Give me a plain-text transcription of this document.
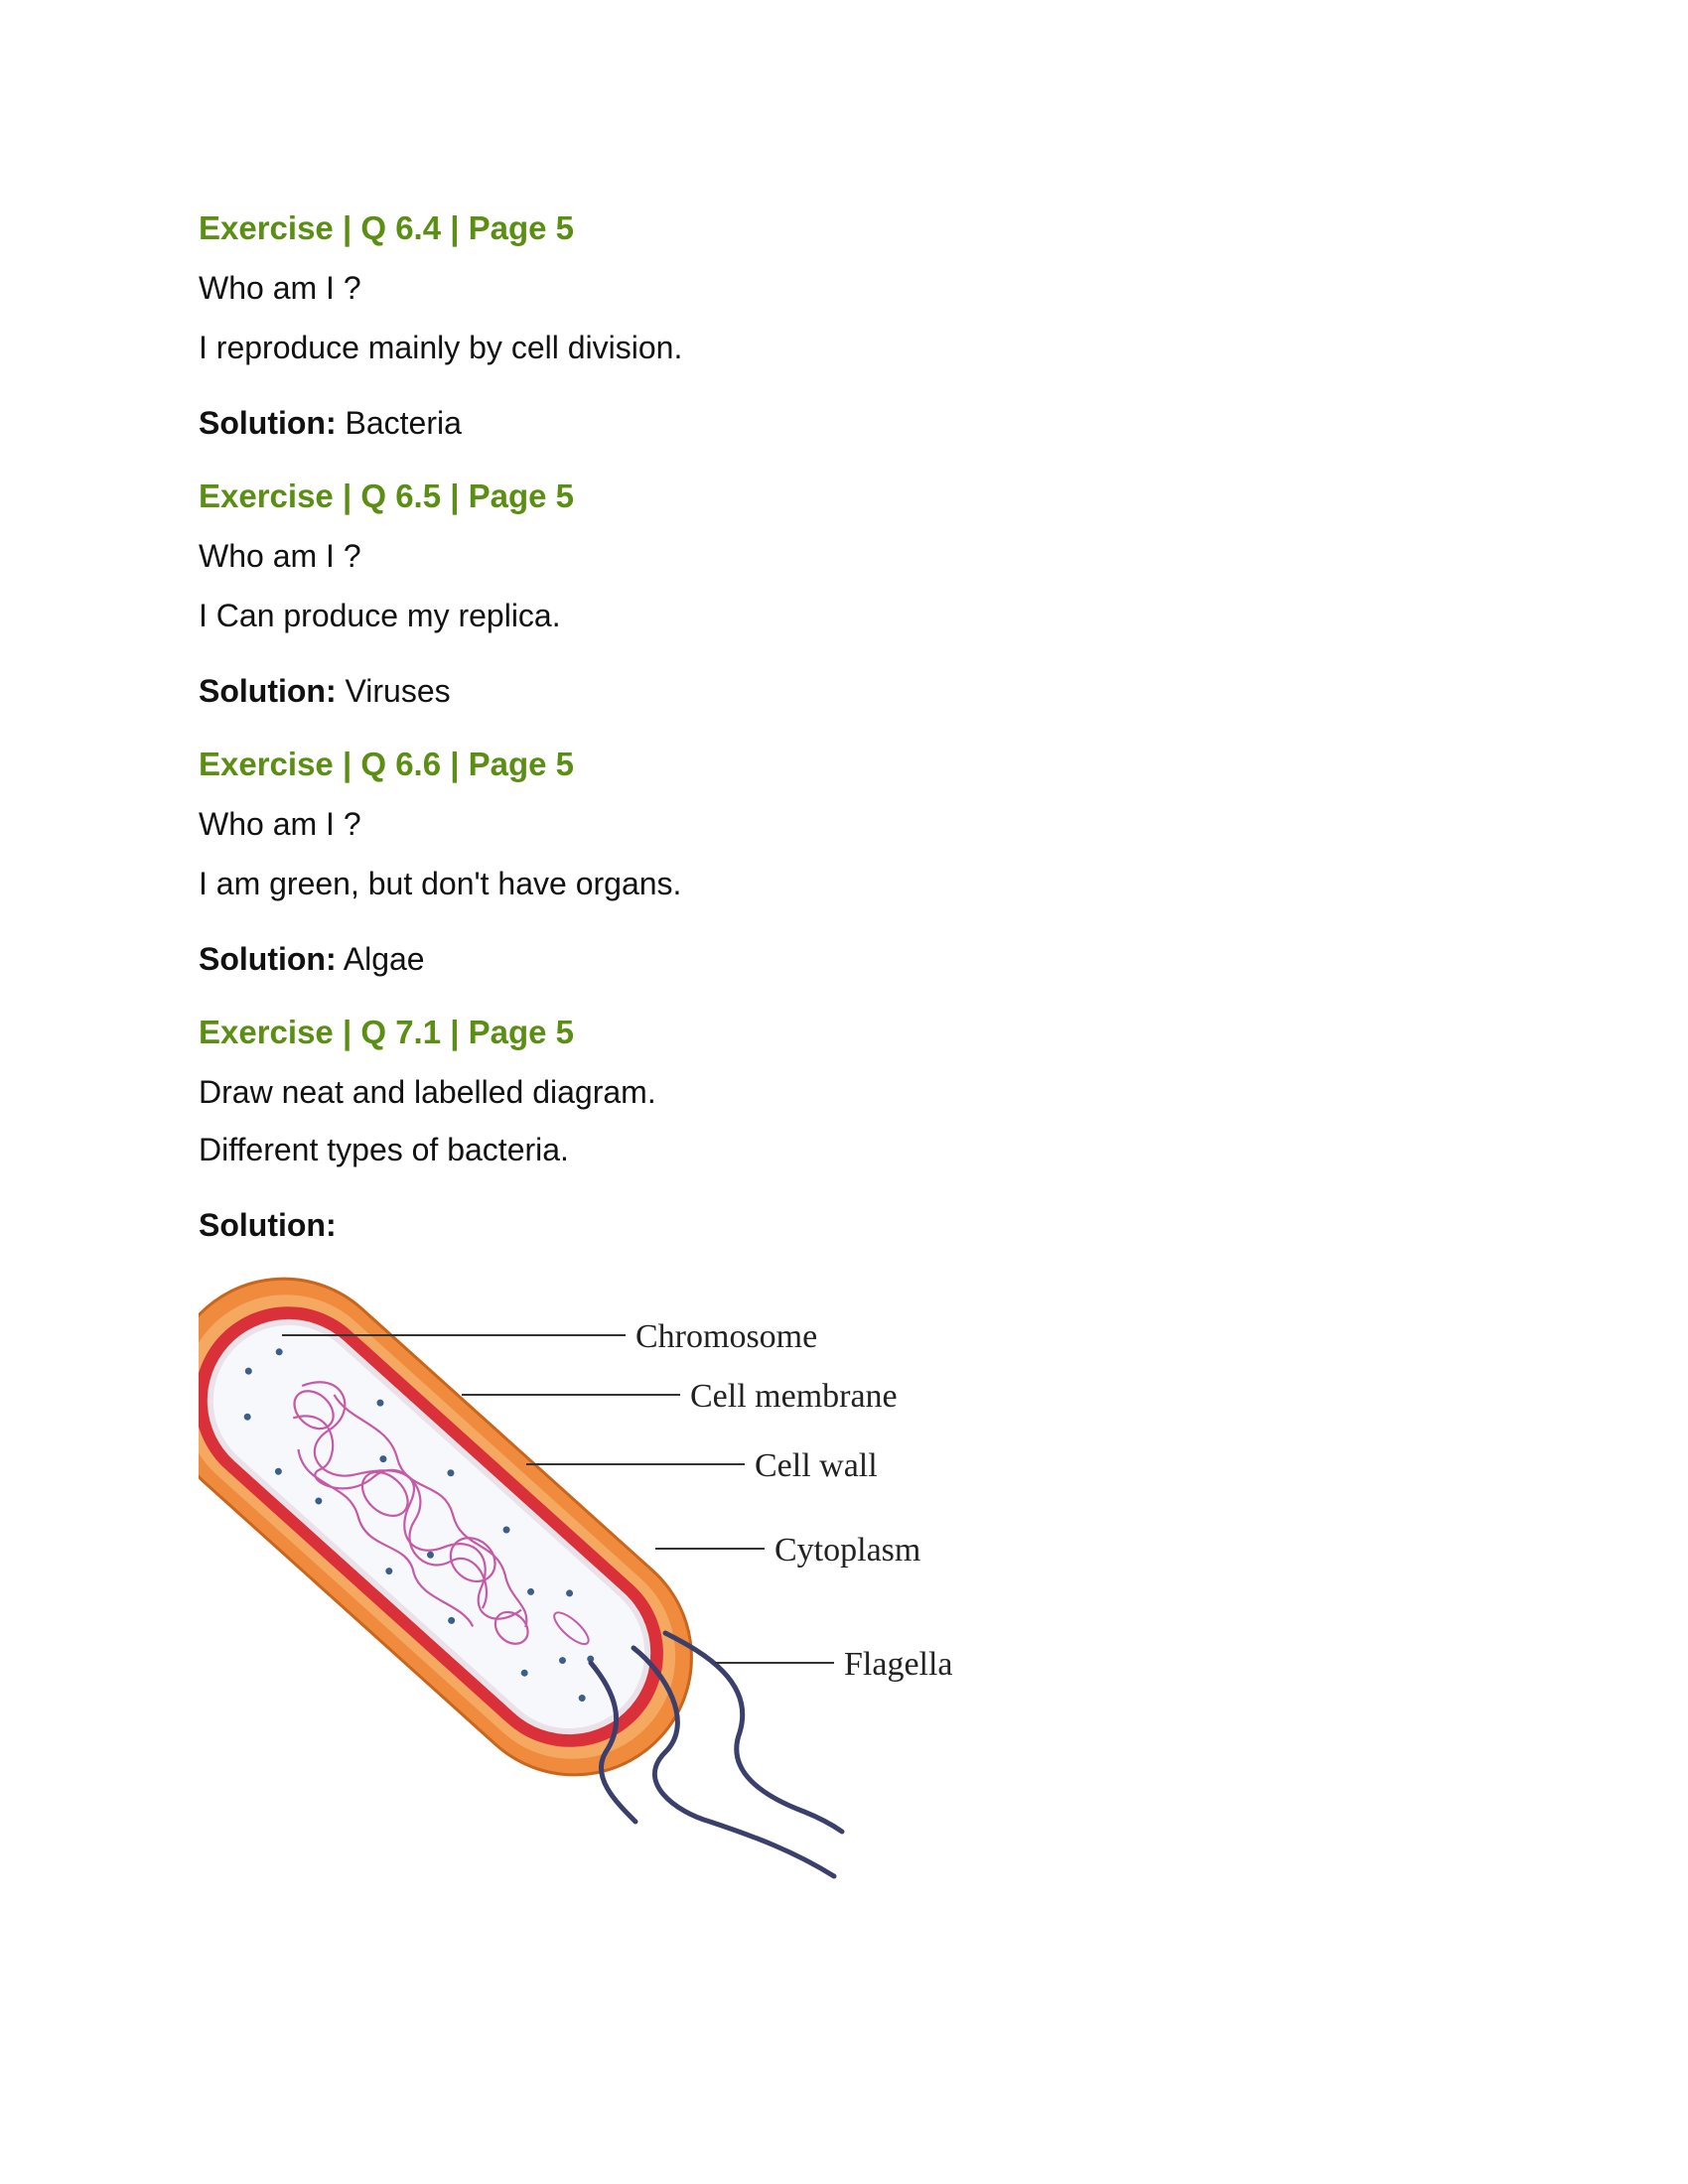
Exercise | Q 6.4 | Page 5

Who am I ?

I reproduce mainly by cell division.

Solution: Bacteria

Exercise | Q 6.5 | Page 5

Who am I ?

I Can produce my replica.

Solution: Viruses

Exercise | Q 6.6 | Page 5

Who am I ?

I am green, but don't have organs.

Solution: Algae

Exercise | Q 7.1 | Page 5

Draw neat and labelled diagram.

Different types of bacteria.

Solution:

Chromosome
Cell membrane
Cell wall
Cytoplasm
Flagella
